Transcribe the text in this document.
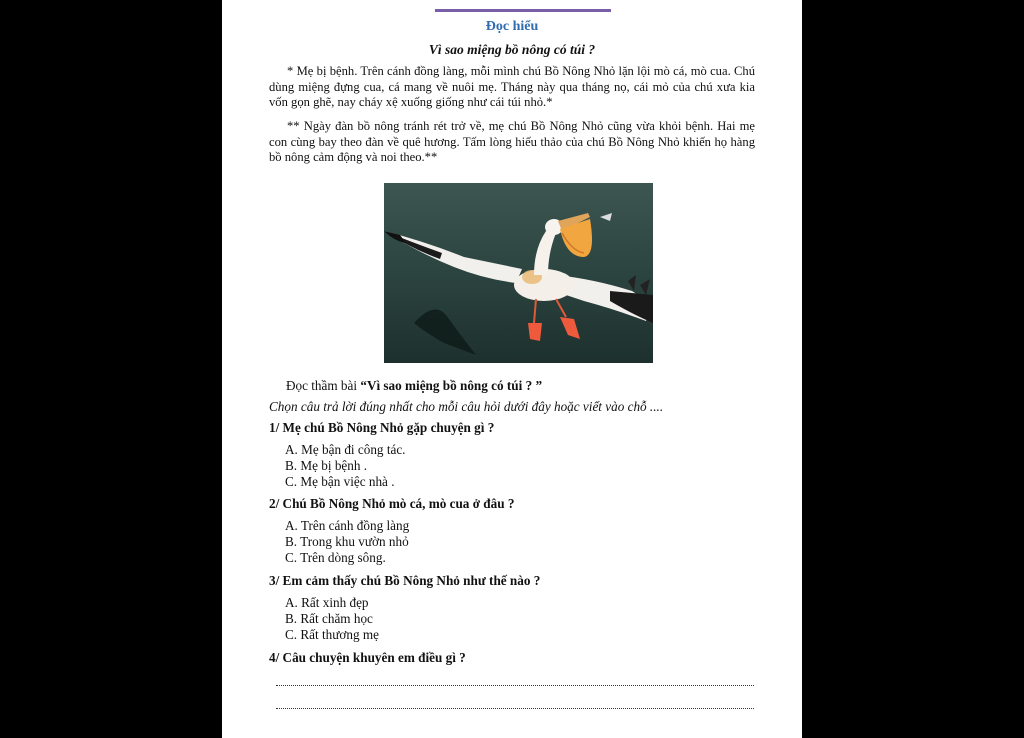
Đọc hiểu
Vì sao miệng bồ nông có túi ?
* Mẹ bị bệnh. Trên cánh đồng làng, mỗi mình chú Bồ Nông Nhỏ lặn lội mò cá, mò cua. Chú dùng miệng đựng cua, cá mang về nuôi mẹ. Tháng này qua tháng nọ, cái mỏ của chú xưa kia vốn gọn ghẽ, nay cháy xệ xuống giống như cái túi nhỏ.*
** Ngày đàn bồ nông tránh rét trở về, mẹ chú Bồ Nông Nhỏ cũng vừa khỏi bệnh. Hai mẹ con cùng bay theo đàn về quê hương. Tấm lòng hiếu thảo của chú Bồ Nông Nhỏ khiến họ hàng bồ nông cảm động và noi theo.**
Đọc thầm bài “Vì sao miệng bồ nông có túi ? ”
Chọn câu trả lời đúng nhất cho mỗi câu hỏi dưới đây hoặc viết vào chỗ ....
1/ Mẹ chú Bồ Nông Nhỏ gặp chuyện gì ?
A. Mẹ bận đi công tác.
B. Mẹ bị bệnh .
C. Mẹ bận việc nhà .
2/ Chú Bồ Nông Nhỏ mò cá, mò cua ở đâu ?
A. Trên cánh đồng làng
B. Trong khu vườn nhỏ
C. Trên dòng sông.
3/ Em cảm thấy chú Bồ Nông Nhỏ như thế nào ?
A. Rất xinh đẹp
B. Rất chăm học
C. Rất thương mẹ
4/ Câu chuyện khuyên em điều gì ?
